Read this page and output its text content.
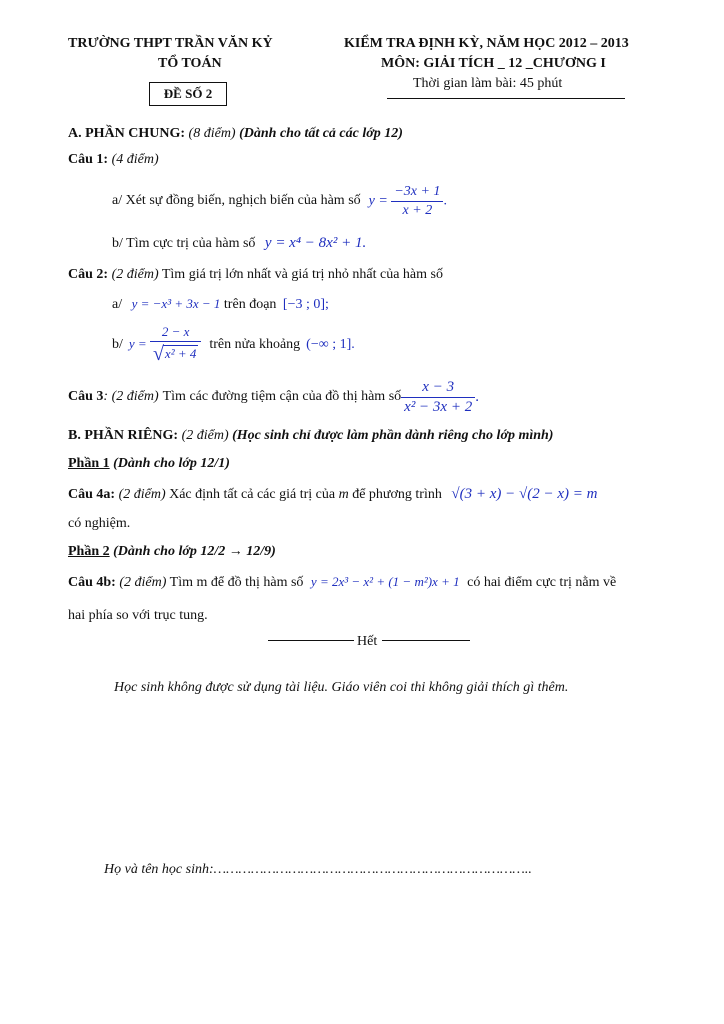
TRƯỜNG THPT TRẦN VĂN KỶ
TỔ TOÁN
KIỂM TRA ĐỊNH KỲ, NĂM HỌC 2012 – 2013
MÔN: GIẢI TÍCH _ 12 _CHƯƠNG I
Thời gian làm bài: 45 phút
ĐỀ SỐ 2
A. PHẦN CHUNG: (8 điểm) (Dành cho tất cả các lớp 12)
Câu 1: (4 điểm)
a/ Xét sự đồng biến, nghịch biến của hàm số $y = \frac{-3x + 1}{x + 2}$ .
b/ Tìm cực trị của hàm số y = x⁴ − 8x² + 1.
Câu 2: (2 điểm) Tìm giá trị lớn nhất và giá trị nhỏ nhất của hàm số
a/ y = −x³ + 3x − 1 trên đoạn [−3 ; 0];
b/ $y = \frac{2 - x}{\text{√x² + 4}}$ trên nửa khoảng (−∞ ; 1].
Câu 3 : (2 điểm) Tìm các đường tiệm cận của đồ thị hàm số $\frac{x - 3}{\text{x² − 3x + 2}}$ .
B. PHẦN RIÊNG: (2 điểm) (Học sinh chỉ được làm phần dành riêng cho lớp mình)
Phần 1 (Dành cho lớp 12/1)
Câu 4a: (2 điểm) Xác định tất cả các giá trị của m để phương trình √(3 + x) − √(2 − x) = m
có nghiệm.
Phần 2 (Dành cho lớp 12/2 → 12/9)
Câu 4b: (2 điểm) Tìm m để đồ thị hàm số y = 2x³ − x² + (1 − m²)x + 1 có hai điểm cực trị nằm về
hai phía so với trục tung.
Hết
Học sinh không được sử dụng tài liệu. Giáo viên coi thi không giải thích gì thêm.
Họ và tên học sinh:…………………………………………………………………..
